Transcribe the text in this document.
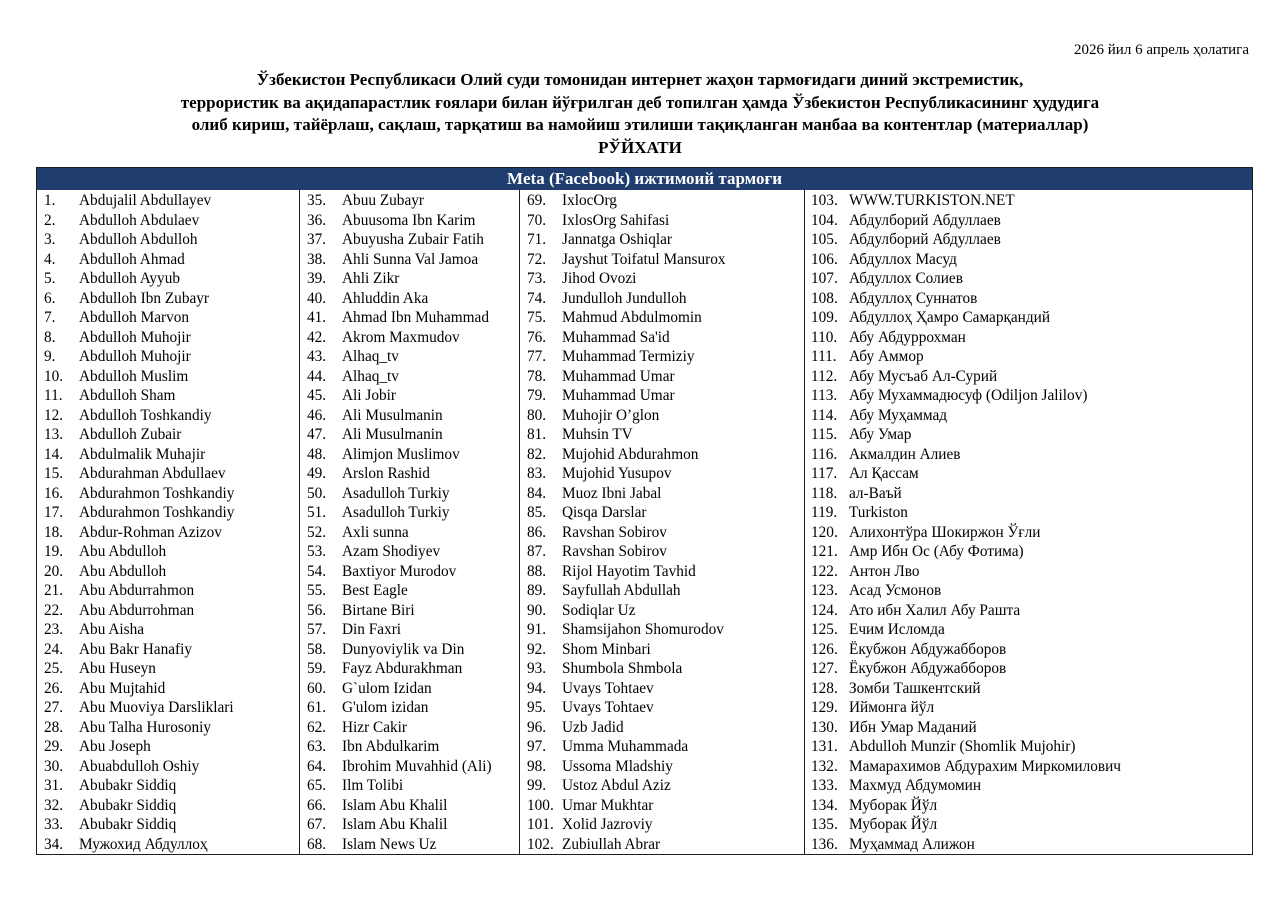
2026 йил 6 апрель ҳолатига
Ўзбекистон Республикаси Олий суди томонидан интернет жаҳон тармоғидаги диний экстремистик,
террористик ва ақидапарастлик ғоялари билан йўғрилган деб топилган ҳамда Ўзбекистон Республикасининг ҳудудига
олиб кириш, тайёрлаш, сақлаш, тарқатиш ва намойиш этилиши тақиқланган манбаа ва контентлар (материаллар)
РЎЙХАТИ
Meta (Facebook) ижтимоий тармоғи
1.	Abdujalil Abdullayev
2.	Abdulloh Abdulaev
3.	Abdulloh Abdulloh
4.	Abdulloh Ahmad
5.	Abdulloh Ayyub
6.	Abdulloh Ibn Zubayr
7.	Abdulloh Marvon
8.	Abdulloh Muhojir
9.	Abdulloh Muhojir
10.	Abdulloh Muslim
11.	Abdulloh Sham
12.	Abdulloh Toshkandiy
13.	Abdulloh Zubair
14.	Abdulmalik Muhajir
15.	Abdurahman Abdullaev
16.	Abdurahmon Toshkandiy
17.	Abdurahmon Toshkandiy
18.	Abdur-Rohman Azizov
19.	Abu Abdulloh
20.	Abu Abdulloh
21.	Abu Abdurrahmon
22.	Abu Abdurrohman
23.	Abu Aisha
24.	Abu Bakr Hanafiy
25.	Abu Huseyn
26.	Abu Mujtahid
27.	Abu Muoviya Darsliklari
28.	Abu Talha Hurosoniy
29.	Abu Joseph
30.	Abuabdulloh Oshiy
31.	Abubakr Siddiq
32.	Abubakr Siddiq
33.	Abubakr Siddiq
34.	Мужохид Абдуллоҳ
35.	Abuu Zubayr
36.	Abuusoma Ibn Karim
37.	Abuyusha Zubair Fatih
38.	Ahli Sunna Val Jamoa
39.	Ahli Zikr
40.	Ahluddin Aka
41.	Ahmad Ibn Muhammad
42.	Akrom Maxmudov
43.	Alhaq_tv
44.	Alhaq_tv
45.	Ali Jobir
46.	Ali Musulmanin
47.	Ali Musulmanin
48.	Alimjon Muslimov
49.	Arslon Rashid
50.	Asadulloh Turkiy
51.	Asadulloh Turkiy
52.	Axli sunna
53.	Azam Shodiyev
54.	Baxtiyor Murodov
55.	Best Eagle
56.	Birtane Biri
57.	Din Faxri
58.	Dunyoviylik va Din
59.	Fayz Abdurakhman
60.	G`ulom Izidan
61.	G'ulom izidan
62.	Hizr Cakir
63.	Ibn Abdulkarim
64.	Ibrohim Muvahhid (Ali)
65.	Ilm Tolibi
66.	Islam Abu Khalil
67.	Islam Abu Khalil
68.	Islam News Uz
69.	IxlocOrg
70.	IxlosOrg Sahifasi
71.	Jannatga Oshiqlar
72.	Jayshut Toifatul Mansurox
73.	Jihod Ovozi
74.	Jundulloh Jundulloh
75.	Mahmud Abdulmomin
76.	Muhammad Sa'id
77.	Muhammad Termiziy
78.	Muhammad Umar
79.	Muhammad Umar
80.	Muhojir O’glon
81.	Muhsin TV
82.	Mujohid Abdurahmon
83.	Mujohid Yusupov
84.	Muoz Ibni Jabal
85.	Qisqa Darslar
86.	Ravshan Sobirov
87.	Ravshan Sobirov
88.	Rijol Hayotim Tavhid
89.	Sayfullah Abdullah
90.	Sodiqlar Uz
91.	Shamsijahon Shomurodov
92.	Shom Minbari
93.	Shumbola Shmbola
94.	Uvays Tohtaev
95.	Uvays Tohtaev
96.	Uzb Jadid
97.	Umma Muhammada
98.	Ussoma Mladshiy
99.	Ustoz Abdul Aziz
100. Umar Mukhtar
101. Xolid Jazroviy
102. Zubiullah Abrar
103. WWW.TURKISTON.NET
104. Абдулборий Абдуллаев
105. Абдулборий Абдуллаев
106. Абдуллох Масуд
107. Абдуллох Солиев
108. Абдуллоҳ Суннатов
109. Абдуллоҳ Ҳамро Самарқандий
110. Абу Абдуррохман
111. Абу Аммор
112. Абу Мусъаб Ал-Сурий
113. Абу Мухаммадюсуф (Odiljon Jalilov)
114. Абу Муҳаммад
115. Абу Умар
116. Акмалдин Алиев
117. Ал Қассам
118. ал-Ваъй
119. Turkiston
120. Алихонтўра Шокиржон Ўғли
121. Амр Ибн Ос (Абу Фотима)
122. Антон Лво
123. Асад Усмонов
124. Ато ибн Халил Абу Рашта
125. Ечим Исломда
126. Ёкубжон Абдужабборов
127. Ёкубжон Абдужабборов
128. Зомби Ташкентский
129. Иймонга йўл
130. Ибн Умар Маданий
131. Abdulloh Munzir (Shomlik Mujohir)
132. Мамарахимов Абдурахим Миркомилович
133. Махмуд Абдумомин
134. Муборак Йўл
135. Муборак Йўл
136. Муҳаммад Алижон
